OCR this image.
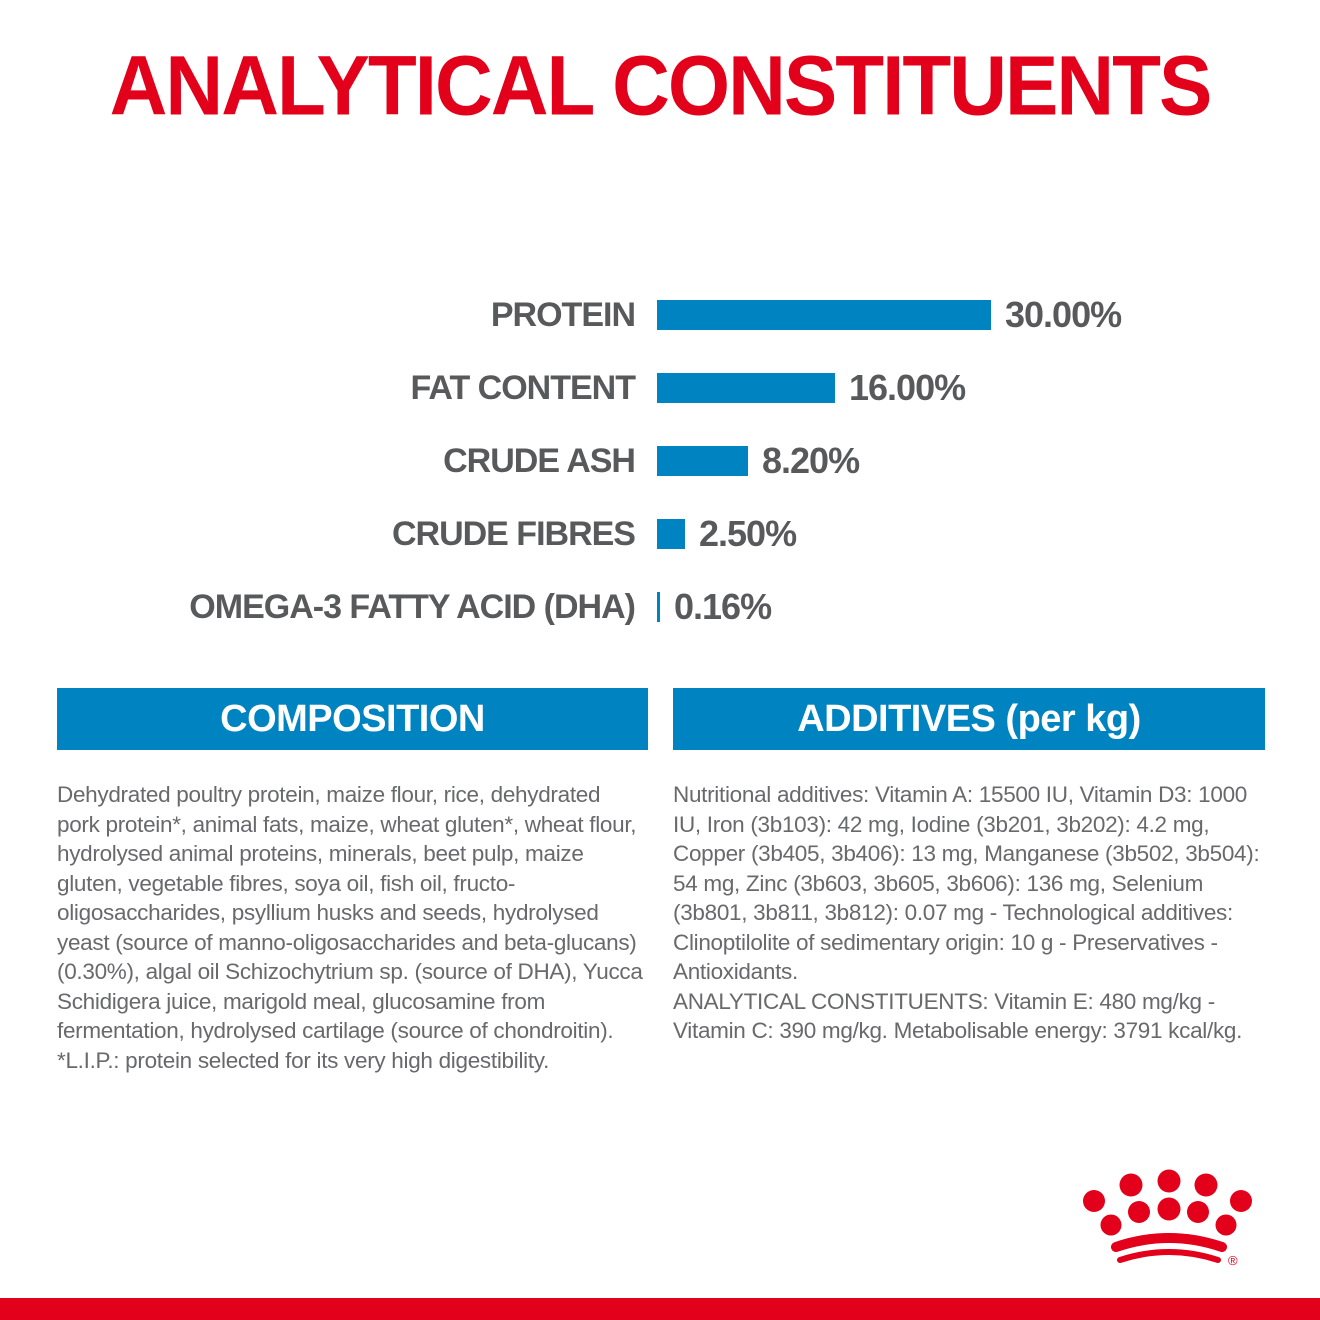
ANALYTICAL CONSTITUENTS
PROTEIN	30.00%
FAT CONTENT	16.00%
CRUDE ASH	8.20%
CRUDE FIBRES 2.50%
OMEGA-3 FATTY ACID (DHA) 0.16%
COMPOSITION

Dehydrated poultry protein, maize flour, rice, dehydrated pork protein*, animal fats, maize, wheat gluten*, wheat flour, hydrolysed animal proteins, minerals, beet pulp, maize gluten, vegetable fibres, soya oil, fish oil, fructo-oligosaccharides, psyllium husks and seeds, hydrolysed yeast (source of manno-oligosaccharides and beta-glucans) (0.30%), algal oil Schizochytrium sp. (source of DHA), Yucca Schidigera juice, marigold meal, glucosamine from fermentation, hydrolysed cartilage (source of chondroitin).

*L.I.P.: protein selected for its very high digestibility.

ADDITIVES (per kg)

Nutritional additives: Vitamin A: 15500 IU, Vitamin D3: 1000 IU, Iron (3b103): 42 mg, Iodine (3b201, 3b202): 4.2 mg, Copper (3b405, 3b406): 13 mg, Manganese (3b502, 3b504): 54 mg, Zinc (3b603, 3b605, 3b606): 136 mg, Selenium (3b801, 3b811, 3b812): 0.07 mg - Technological additives: Clinoptilolite of sedimentary origin: 10 g - Preservatives - Antioxidants.

ANALYTICAL CONSTITUENTS: Vitamin E: 480 mg/kg - Vitamin C: 390 mg/kg. Metabolisable energy: 3791 kcal/kg.

®
